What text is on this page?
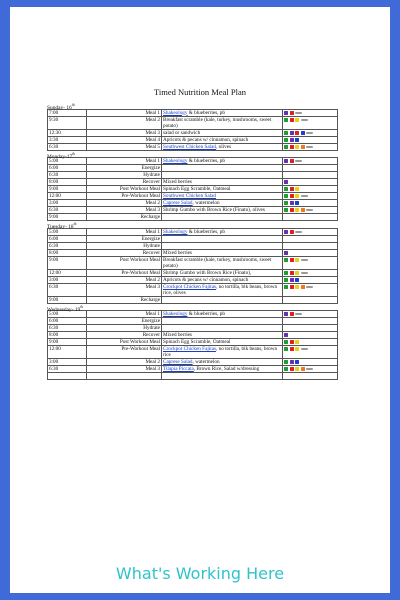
Timed Nutrition Meal Plan
Sunday- 16th
7:00	Meal 1	Shakeology & blueberries, pb	

9:30	Meal 2	Breakfast scramble (kale, turkey, mushrooms, sweet potato)	

12:30	Meal 3	salad or sandwich	

3:30	Meal 4	Apricots & pecans w/ cinnamon, spinach	

6:30	Meal 5	Southwest Chicken Salad, olives	
Monday-17th
5:00	Meal 1	Shakeology & blueberries, pb	

6:00	Energize		

6:30	Hydrate		

8:00	Recover	Mixed berries	

9:00	Post Workout Meal	Spinach Egg Scramble, Oatmeal	

12:00	Pre-Workout Meal	Southwest Chicken Salad	

3:00	Meal 2	Caprese Salad, watermelon	

6:30	Meal 3	Shrimp Gumbo with Brown Rice (Finato), olives	

9:00	Recharge		
Tuesday- 18th
5:00	Meal 1	Shakeology & blueberries, pb	

6:00	Energize		

6:30	Hydrate		

8:00	Recover	Mixed berries	

9:00	Post Workout Meal	Breakfast scramble (kale, turkey, mushrooms, sweet potato)	

12:00	Pre-Workout Meal	Shrimp Gumbo with Brown Rice (Finato),	

3:00	Meal 2	Apricots & pecans w/ cinnamon, spinach	

6:30	Meal 3	Crockpot Chicken Fajitas, no tortilla, blk beans, brown rice, olives	

9:00	Recharge		
Wednesday- 19th
5:00	Meal 1	Shakeology & blueberries, pb	

6:00	Energize		

6:30	Hydrate		

8:00	Recover	Mixed berries	

9:00	Post Workout Meal	Spinach Egg Scramble, Oatmeal	

12:00	Pre-Workout Meal	Crockpot Chicken Fajitas, no tortilla, blk beans, brown rice	

3:00	Meal 2	Caprese Salad, watermelon	

6:30	Meal 3	Tilapia Piccata, Brown Rice, Salad w/dressing	

What's Working Here
